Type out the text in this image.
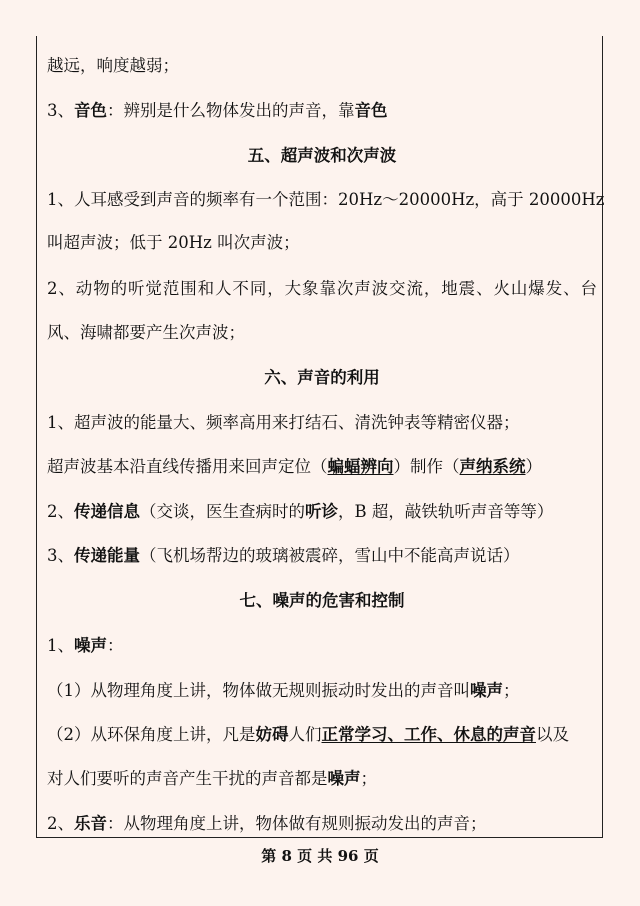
越远，响度越弱；
3、音色：辨别是什么物体发出的声音，靠音色
五、超声波和次声波
1、人耳感受到声音的频率有一个范围：20Hz～20000Hz，高于 20000Hz
叫超声波；低于 20Hz 叫次声波；
2、动物的听觉范围和人不同，大象靠次声波交流，地震、火山爆发、台
风、海啸都要产生次声波；
六、声音的利用
1、超声波的能量大、频率高用来打结石、清洗钟表等精密仪器；
超声波基本沿直线传播用来回声定位（蝙蝠辨向）制作（声纳系统）
2、传递信息（交谈，医生查病时的听诊，B 超，敲铁轨听声音等等）
3、传递能量（飞机场帮边的玻璃被震碎，雪山中不能高声说话）
七、噪声的危害和控制
1、噪声：
（1）从物理角度上讲，物体做无规则振动时发出的声音叫噪声；
（2）从环保角度上讲，凡是妨碍人们正常学习、工作、休息的声音以及
对人们要听的声音产生干扰的声音都是噪声；
2、乐音：从物理角度上讲，物体做有规则振动发出的声音；
第 8 页 共 96 页
